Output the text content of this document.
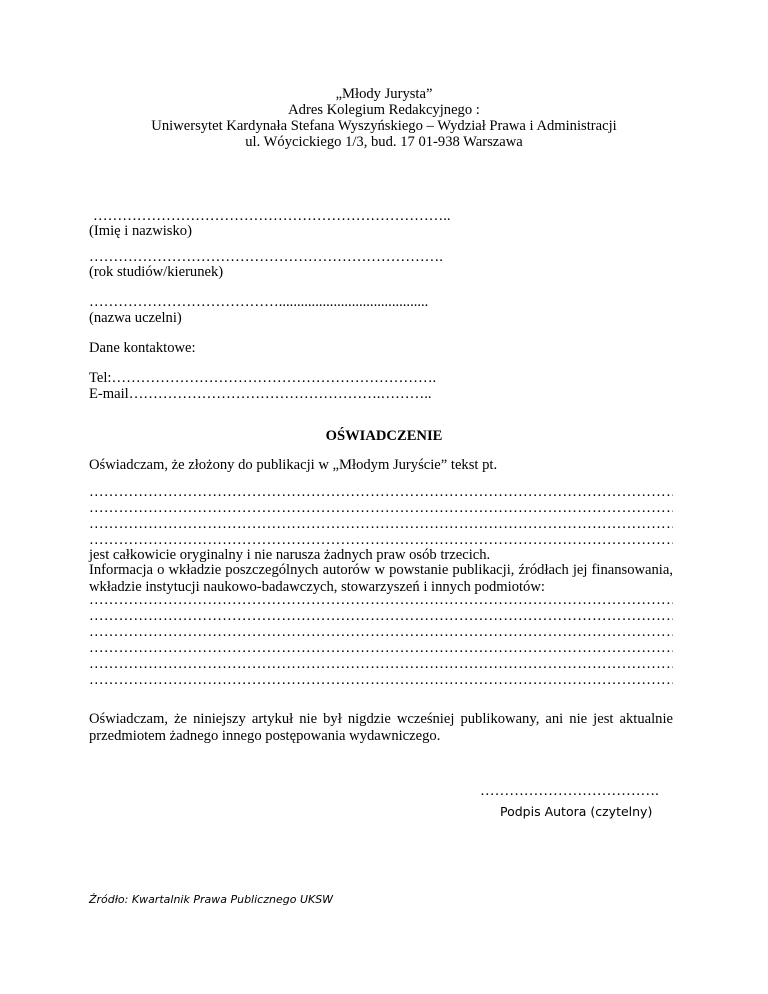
„Młody Jurysta”
Adres Kolegium Redakcyjnego :
Uniwersytet Kardynała Stefana Wyszyńskiego – Wydział Prawa i Administracji
ul. Wóycickiego 1/3, bud. 17 01-938 Warszawa
………………………………………………………………..
(Imię i nazwisko)
……………………………………………………………….
(rok studiów/kierunek)
………………………………….........................................
(nazwa uczelni)
Dane kontaktowe:
Tel:………………………………………………………….
E-mail…………………………………………….………..
OŚWIADCZENIE
Oświadczam, że złożony do publikacji w „Młodym Juryście” tekst pt.
…………………………………………………………………………………………………………………………………………………………
…………………………………………………………………………………………………………………………………………………………
…………………………………………………………………………………………………………………………………………………………
…………………………………………………………………………………………………………………………………………………………
jest całkowicie oryginalny i nie narusza żadnych praw osób trzecich.
Informacja o wkładzie poszczególnych autorów w powstanie publikacji, źródłach jej finansowania, wkładzie instytucji naukowo-badawczych, stowarzyszeń i innych podmiotów:
…………………………………………………………………………………………………………………………………………………………
…………………………………………………………………………………………………………………………………………………………
…………………………………………………………………………………………………………………………………………………………
…………………………………………………………………………………………………………………………………………………………
…………………………………………………………………………………………………………………………………………………………
…………………………………………………………………………………………………………………………………………………………
Oświadczam, że niniejszy artykuł nie był nigdzie wcześniej publikowany, ani nie jest aktualnie przedmiotem żadnego innego postępowania wydawniczego.
……………………………….
Podpis Autora (czytelny)
Źródło: Kwartalnik Prawa Publicznego UKSW
